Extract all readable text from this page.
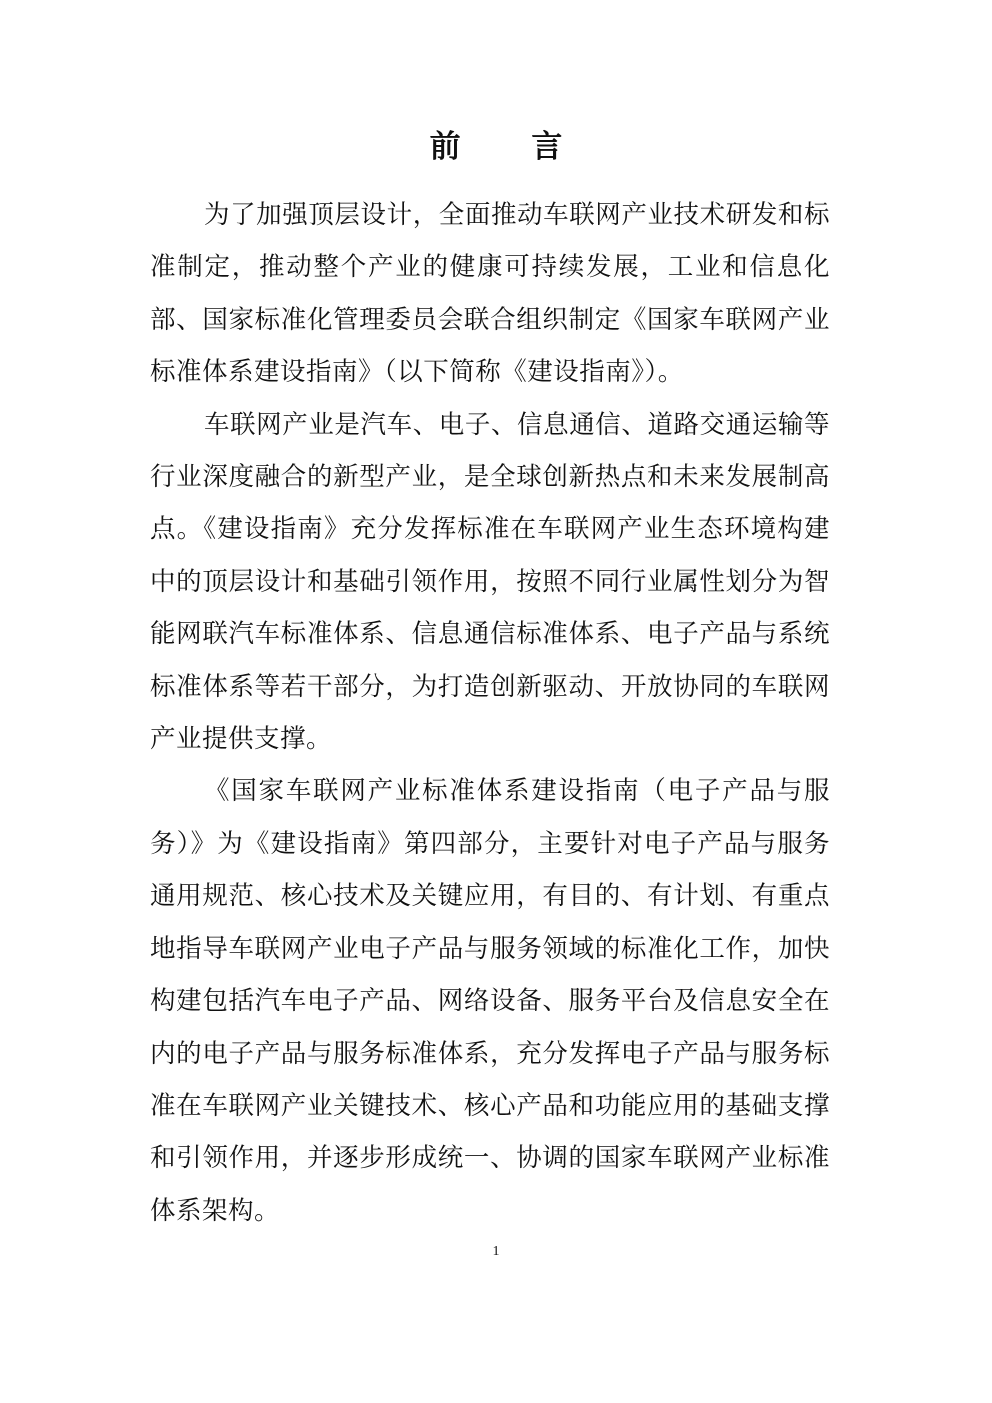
前 言

为了加强顶层设计，全面推动车联网产业技术研发和标准制定，推动整个产业的健康可持续发展，工业和信息化部、国家标准化管理委员会联合组织制定《国家车联网产业标准体系建设指南》（以下简称《建设指南》）。

车联网产业是汽车、电子、信息通信、道路交通运输等行业深度融合的新型产业，是全球创新热点和未来发展制高点。《建设指南》充分发挥标准在车联网产业生态环境构建中的顶层设计和基础引领作用，按照不同行业属性划分为智能网联汽车标准体系、信息通信标准体系、电子产品与系统标准体系等若干部分，为打造创新驱动、开放协同的车联网产业提供支撑。

《国家车联网产业标准体系建设指南（电子产品与服务）》为《建设指南》第四部分，主要针对电子产品与服务通用规范、核心技术及关键应用，有目的、有计划、有重点地指导车联网产业电子产品与服务领域的标准化工作，加快构建包括汽车电子产品、网络设备、服务平台及信息安全在内的电子产品与服务标准体系，充分发挥电子产品与服务标准在车联网产业关键技术、核心产品和功能应用的基础支撑和引领作用，并逐步形成统一、协调的国家车联网产业标准体系架构。

1
